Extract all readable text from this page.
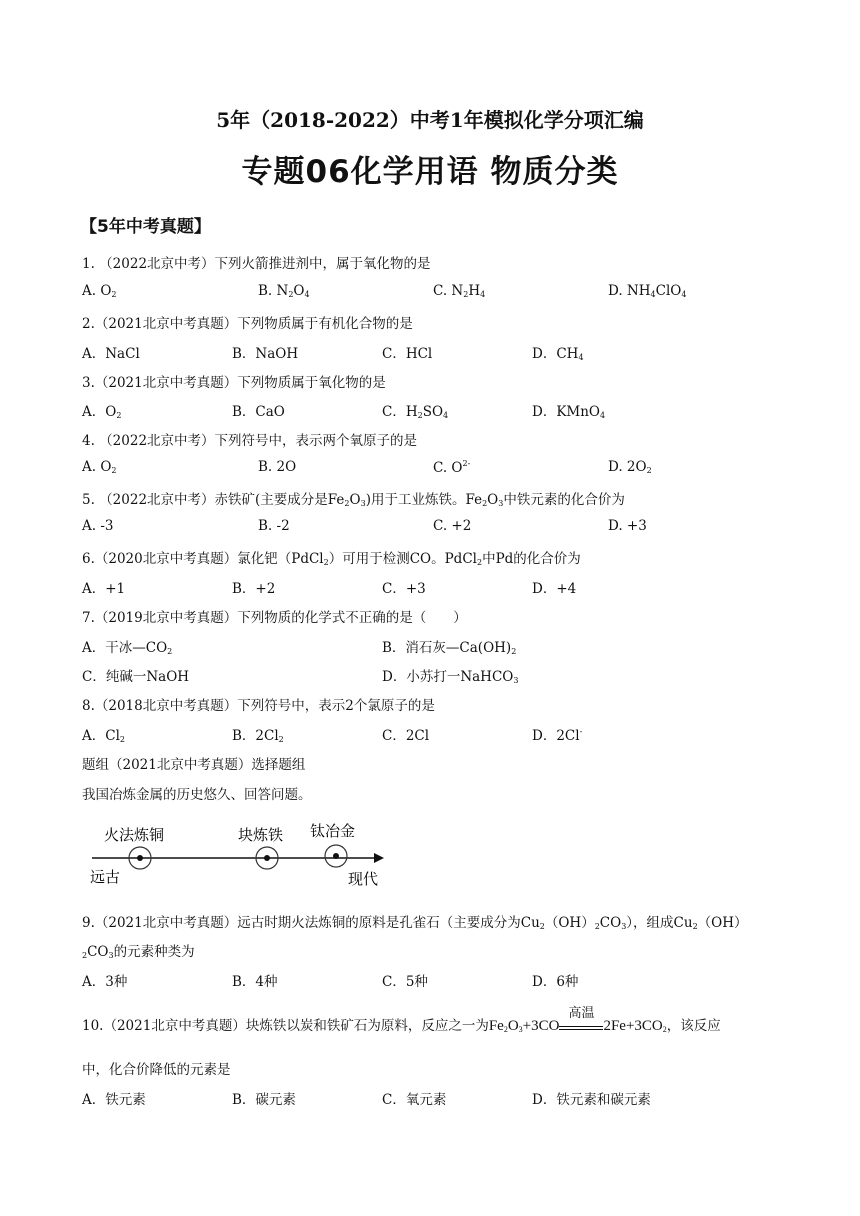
5年（2018-2022）中考1年模拟化学分项汇编
专题06化学用语 物质分类
【5年中考真题】
1. （2022北京中考）下列火箭推进剂中，属于氧化物的是
A. $O_2$	B. $N_2O_4$	C. $N_2H_4$	D. $NH_4ClO_4$
2.（2021北京中考真题）下列物质属于有机化合物的是
A．NaCl	B．NaOH	C．HCl	D．$CH_4$
3.（2021北京中考真题）下列物质属于氧化物的是
A．$O_2$	B．CaO	C．$H_2SO_4$	D．KMnO$_4$
4. （2022北京中考）下列符号中，表示两个氧原子的是
A. $O_2$	B. 2O	C. $O^{2-}$	D. $2O_2$
5. （2022北京中考）赤铁矿(主要成分是$Fe_2O_3$)用于工业炼铁。$Fe_2O_3$中铁元素的化合价为
A. -3	B. -2	C. +2	D. +3
6.（2020北京中考真题）氯化钯（PdCl$_2$）可用于检测CO。PdCl$_2$中Pd的化合价为
A．+1	B．+2	C．+3	D．+4
7.（2019北京中考真题）下列物质的化学式不正确的是（　　）
A．干冰$—CO_2$	B．消石灰$—Ca(OH)_2$
C．纯碱一NaOH	D．小苏打一NaHCO$_3$
8.（2018北京中考真题）下列符号中，表示2个氯原子的是
A．$Cl_2$	B．$2Cl_2$	C．2Cl	D．2Cl-
题组（2021北京中考真题）选择题组
我国冶炼金属的历史悠久、回答问题。
火法炼铜	块炼铁 钛冶金
远古	现代
9.（2021北京中考真题）远古时期火法炼铜的原料是孔雀石（主要成分为$Cu_2(OH)_2CO_3$），组成$Cu_2(OH)$
$_2CO_3$的元素种类为
A．3种	B．4种	C．5种	D．6种
10.（2021北京中考真题）块炼铁以炭和铁矿石为原料，反应之一为$Fe_2O_3+3CO$
高温
$2Fe+3CO_2$，该反应
中，化合价降低的元素是
A．铁元素	B．碳元素	C．氧元素	D．铁元素和碳元素
